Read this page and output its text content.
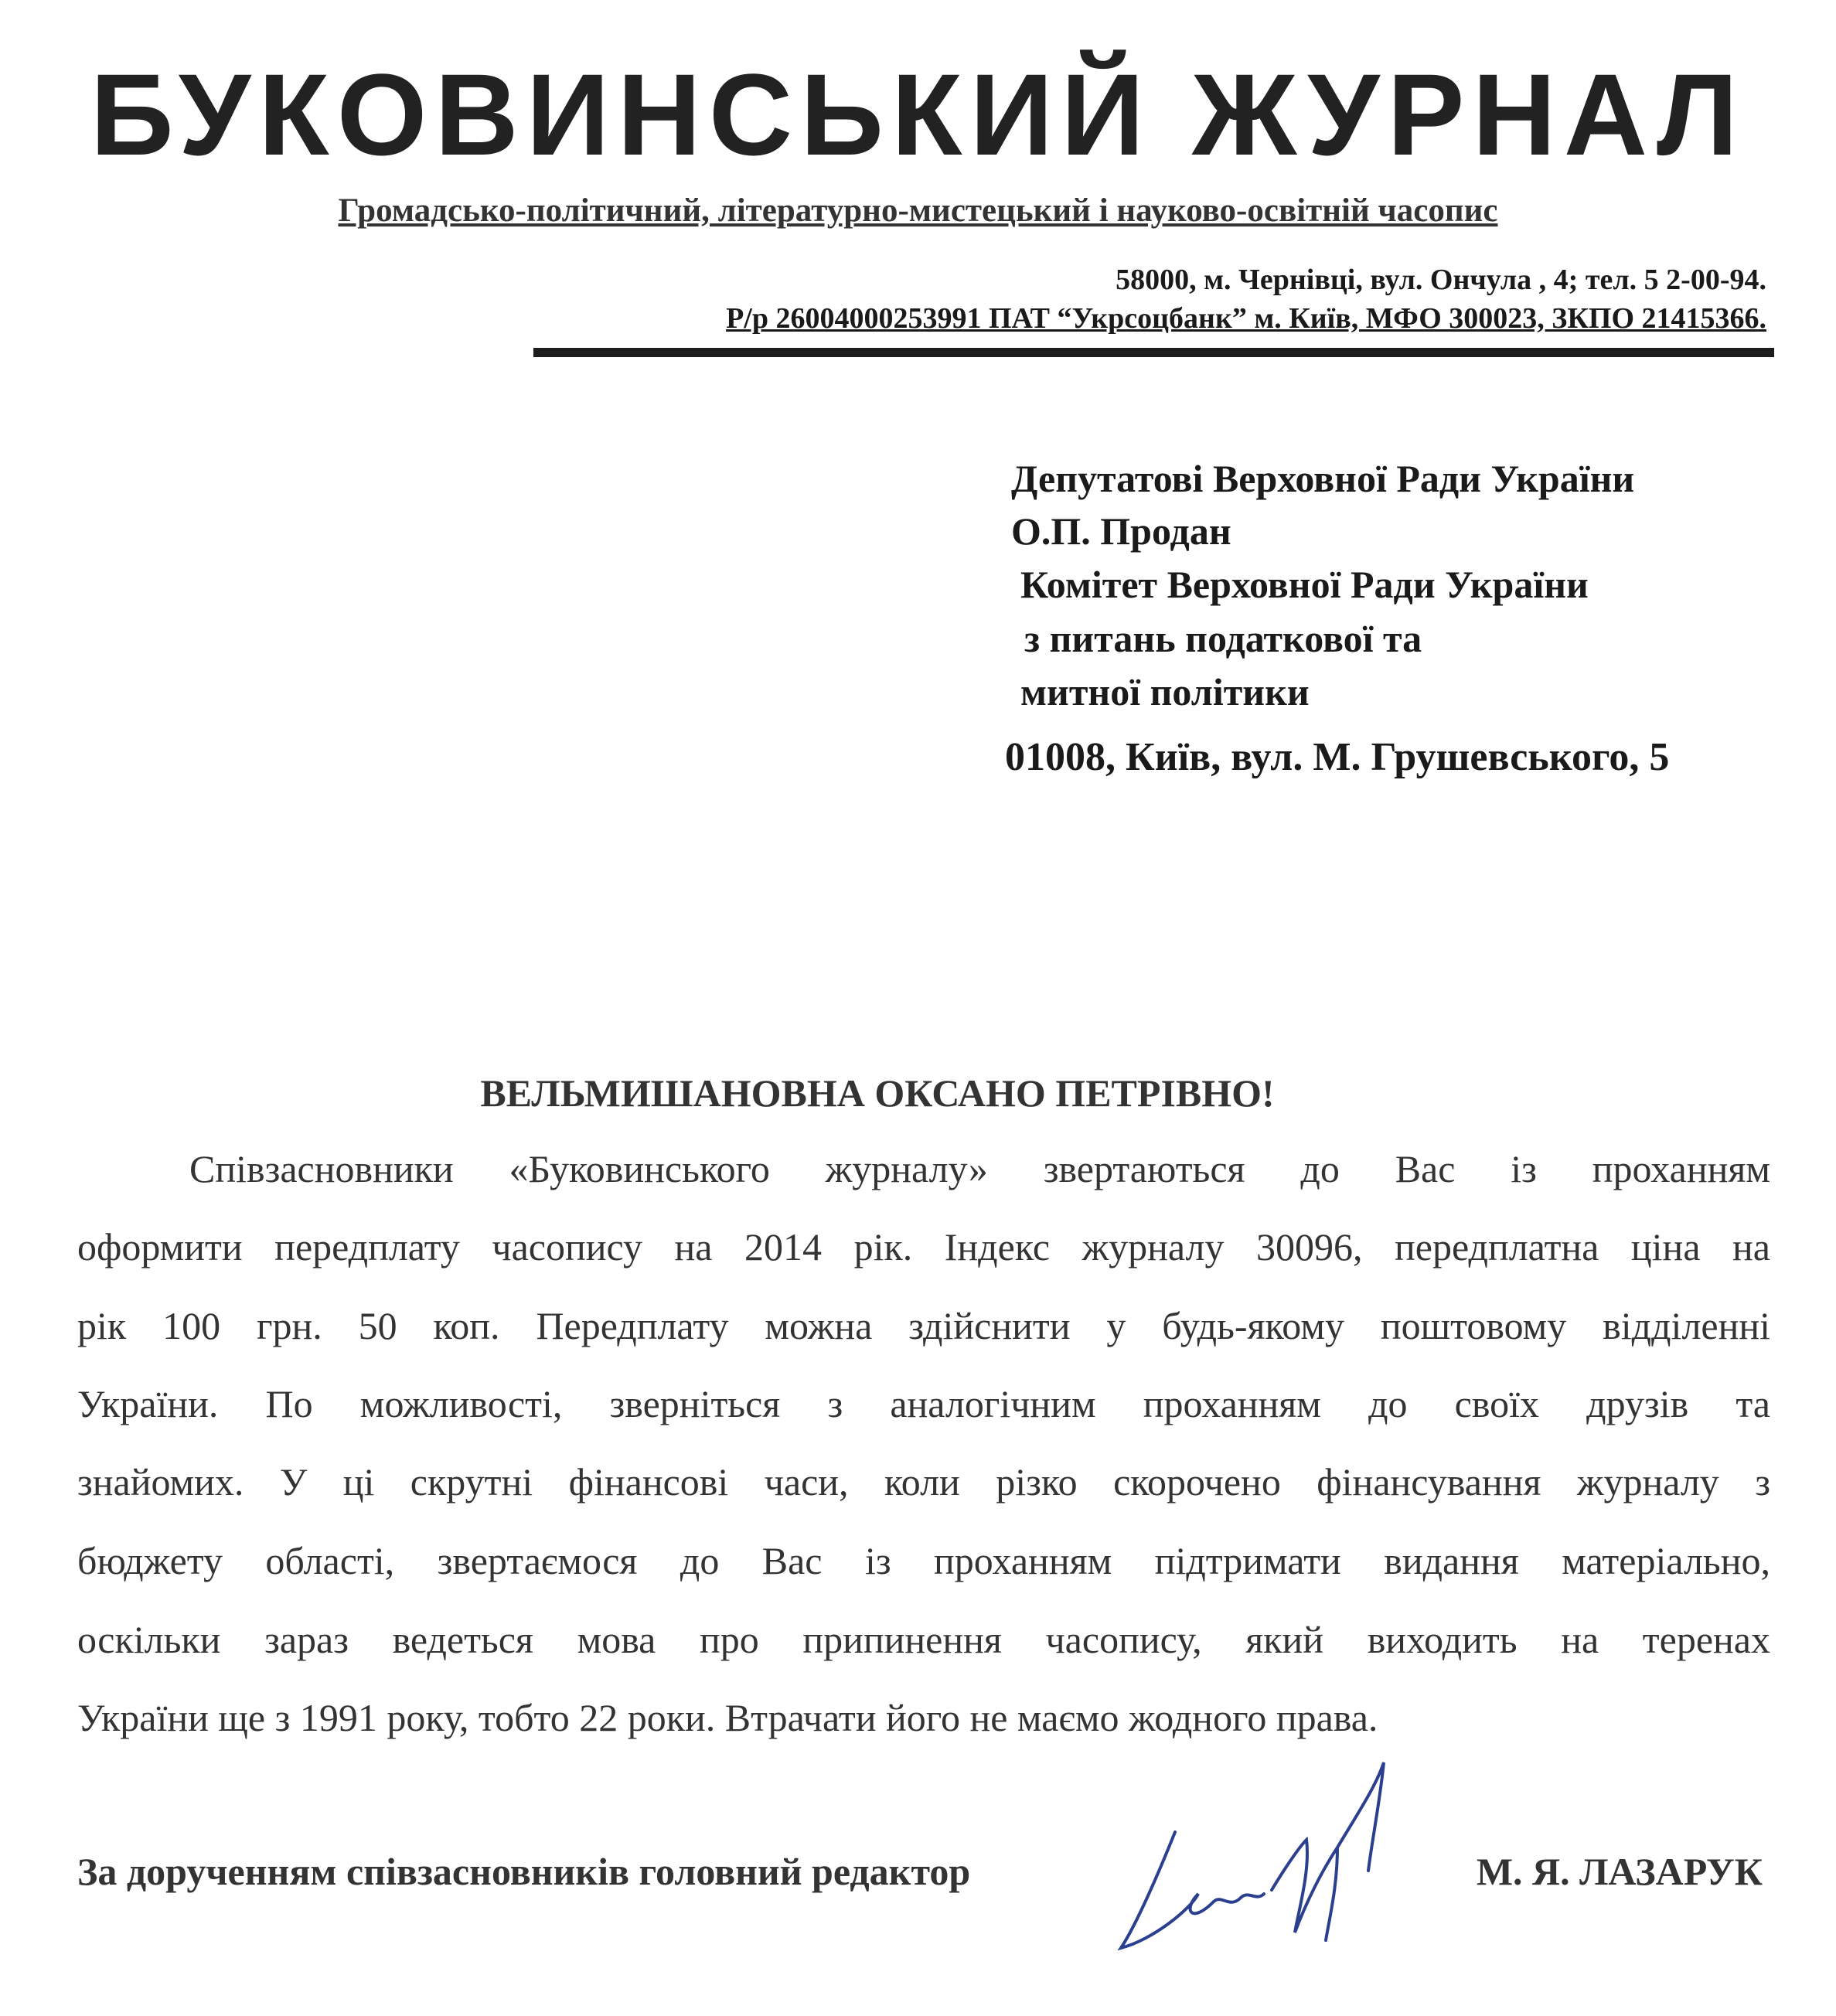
БУКОВИНСЬКИЙ ЖУРНАЛ
Громадсько-політичний, літературно-мистецький і науково-освітній часопис
58000, м. Чернівці, вул. Ончула , 4; тел. 5 2-00-94.
Р/р 26004000253991 ПАТ “Укрсоцбанк” м. Київ, МФО 300023, ЗКПО 21415366.
Депутатові Верховної Ради України
О.П. Продан
Комітет Верховної Ради України
з питань податкової та
митної політики
01008, Київ, вул. М. Грушевського, 5
ВЕЛЬМИШАНОВНА ОКСАНО ПЕТРІВНО!
Співзасновники «Буковинського журналу» звертаються до Вас із проханням
оформити передплату часопису на 2014 рік. Індекс журналу 30096, передплатна ціна на
рік 100 грн. 50 коп. Передплату можна здійснити у будь-якому поштовому відділенні
України. По можливості, зверніться з аналогічним проханням до своїх друзів та
знайомих. У ці скрутні фінансові часи, коли різко скорочено фінансування журналу з
бюджету області, звертаємося до Вас із проханням підтримати видання матеріально,
оскільки зараз ведеться мова про припинення часопису, який виходить на теренах
України ще з 1991 року, тобто 22 роки. Втрачати його не маємо жодного права.
За дорученням співзасновників головний редактор	М. Я. ЛАЗАРУК
